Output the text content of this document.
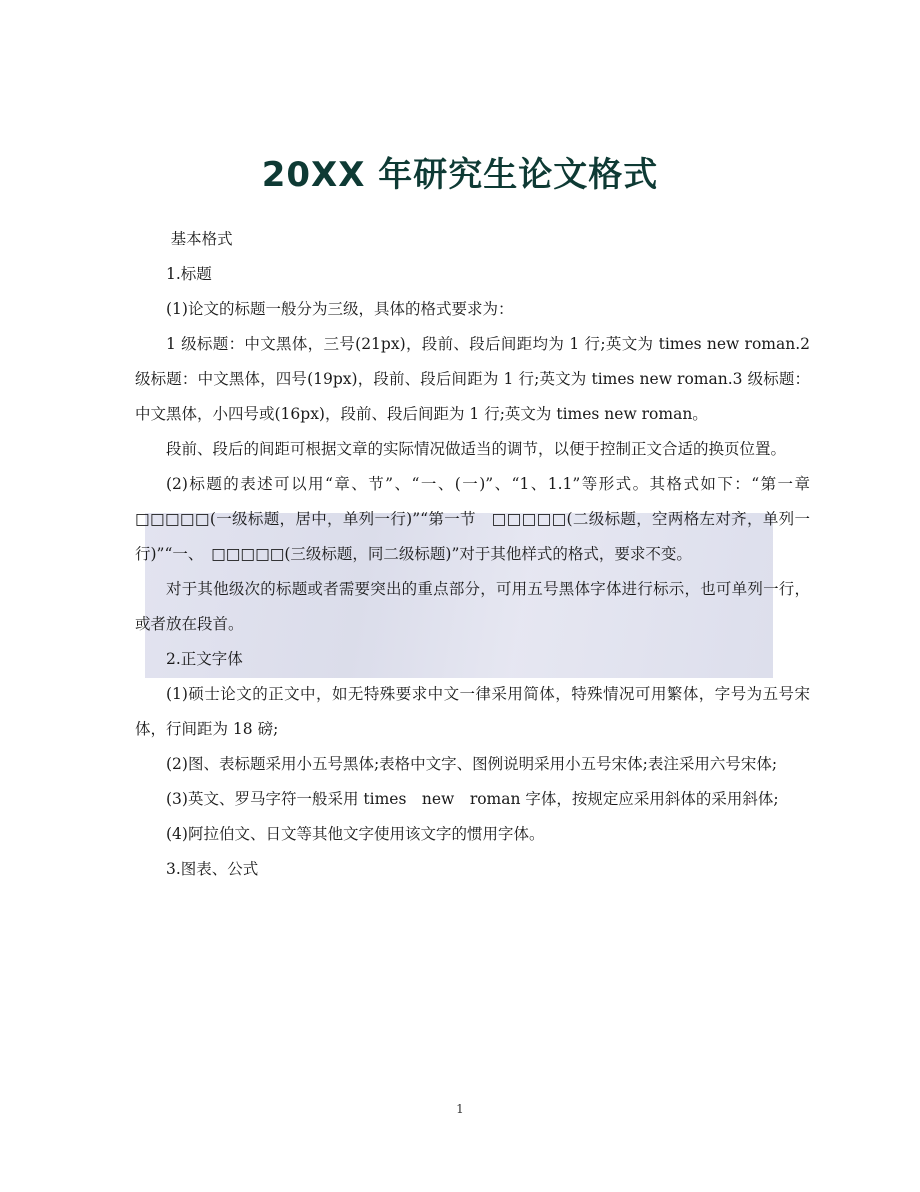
20XX 年研究生论文格式

基本格式

1.标题

(1)论文的标题一般分为三级，具体的格式要求为：

1 级标题：中文黑体，三号(21px)，段前、段后间距均为 1 行;英文为 times new roman.2 级标题：中文黑体，四号(19px)，段前、段后间距为 1 行;英文为 times new roman.3 级标题：中文黑体，小四号或(16px)，段前、段后间距为 1 行;英文为 times new roman。

段前、段后的间距可根据文章的实际情况做适当的调节，以便于控制正文合适的换页位置。

(2)标题的表述可以用“章、节”、“一、(一)”、“1、1.1”等形式。其格式如下：“第一章　□□□□□(一级标题，居中，单列一行)”“第一节　□□□□□(二级标题，空两格左对齐，单列一行)”“一、　□□□□□(三级标题，同二级标题)”对于其他样式的格式，要求不变。

对于其他级次的标题或者需要突出的重点部分，可用五号黑体字体进行标示，也可单列一行，或者放在段首。

2.正文字体

(1)硕士论文的正文中，如无特殊要求中文一律采用简体，特殊情况可用繁体，字号为五号宋体，行间距为 18 磅;

(2)图、表标题采用小五号黑体;表格中文字、图例说明采用小五号宋体;表注采用六号宋体;

(3)英文、罗马字符一般采用 times　new　roman 字体，按规定应采用斜体的采用斜体;

(4)阿拉伯文、日文等其他文字使用该文字的惯用字体。

3.图表、公式

1
